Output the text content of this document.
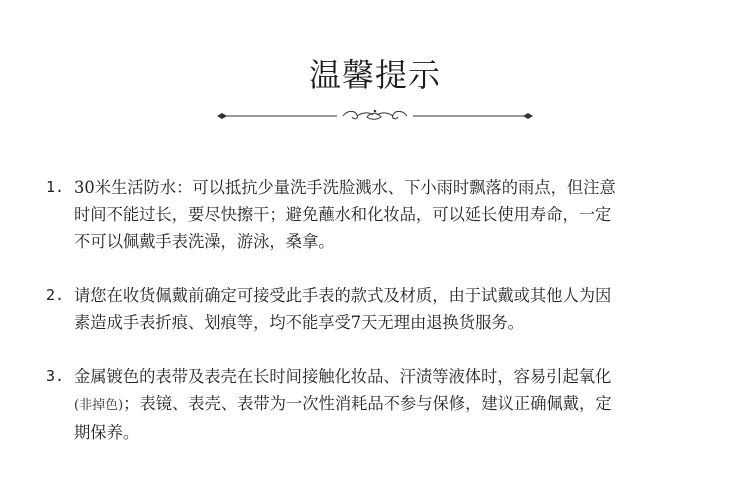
温馨提示
1. 30米生活防水：可以抵抗少量洗手洗脸溅水、下小雨时飘落的雨点，但注意
时间不能过长，要尽快擦干；避免蘸水和化妆品，可以延长使用寿命，一定
不可以佩戴手表洗澡，游泳，桑拿。
2. 请您在收货佩戴前确定可接受此手表的款式及材质，由于试戴或其他人为因
素造成手表折痕、划痕等，均不能享受7天无理由退换货服务。
3. 金属镀色的表带及表壳在长时间接触化妆品、汗渍等液体时，容易引起氧化
(非掉色)；表镜、表壳、表带为一次性消耗品不参与保修，建议正确佩戴，定
期保养。
